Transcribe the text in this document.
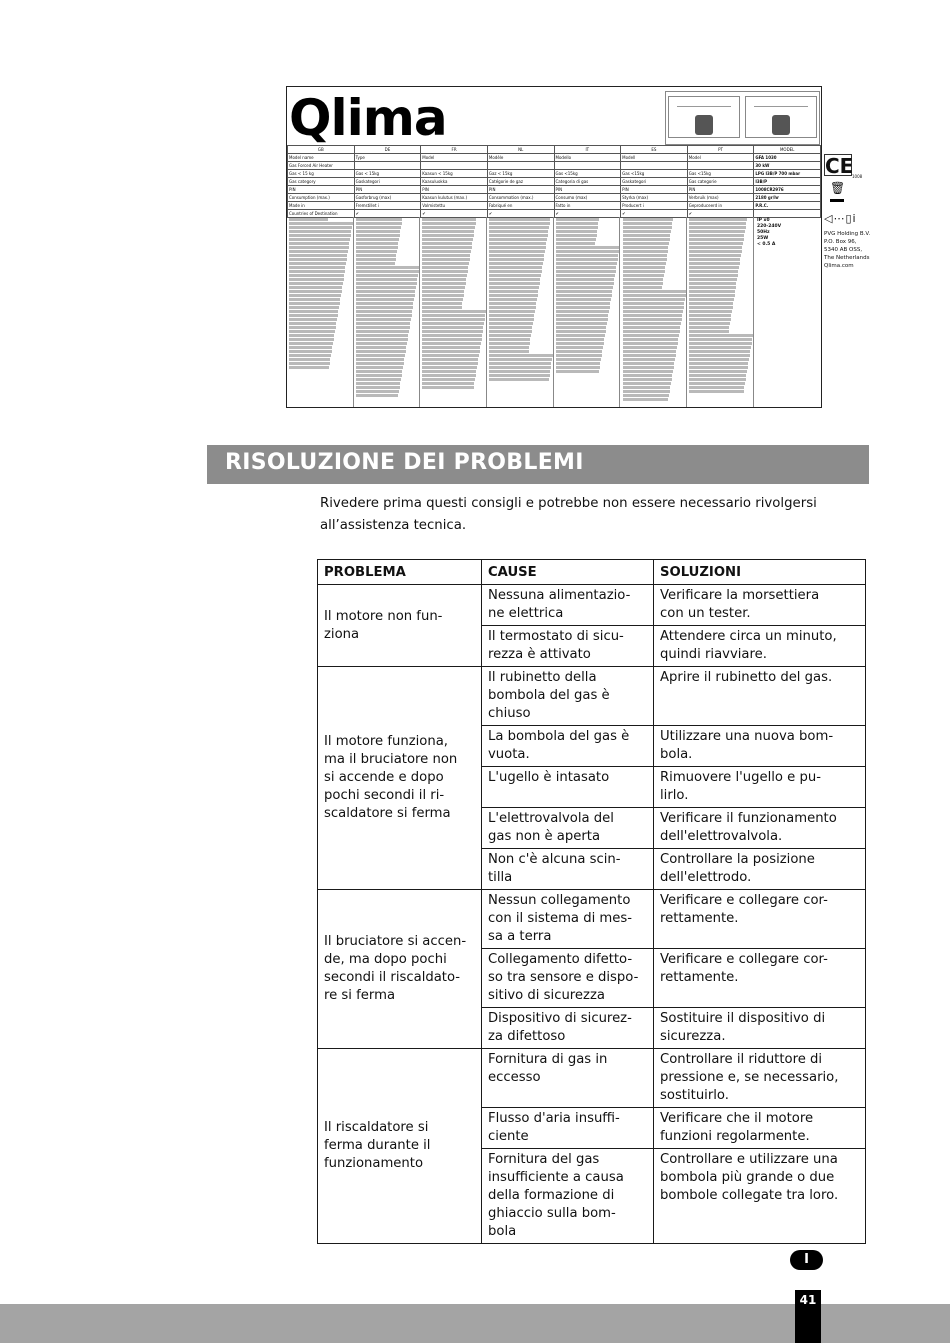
Qlima
GB	DE	FR	NL	IT	ES	PT	MODEL
Model name	Type	Model	Modèle	Modello	Modell	Model	GFA 1030
Gas Forced Air Heater							30 kW
Gas < 15 kg	Gas < 15kg	Kaasun < 15kg	Gaz < 15kg	Gas <15kg	Gas <15kg	Gas <15kg	LPG I3B/P 700 mbar
Gas category	Gaskategori	Kaasuluokka	Catégorie de gaz	Categoria di gas	Gaskategori	Gas categorie	I3B/P
PIN	PIN	PIN	PIN	PIN	PIN	PIN	1008CR2976
Consumption (max.)	Gasforbrug (max)	Kaasun kulutus (max.)	Consommation (max.)	Consumo (max)	Styrka (max)	Verbruik (max)	2180 gr/hr
Made in	Fremstillet i	Valmistettu	Fabriqué en	Fatto in	Producert i	Geproduceerd in	P.R.C.
Countries of Destination	✔	✔	✔	✔	✔	✔	
IP x0
220-240V
50Hz
25W
< 0.5 A
CE
1008
🗑
◁⋯▯i
PVG Holding B.V.
P.O. Box 96,
5340 AB OSS,
The Netherlands
Qlima.com
RISOLUZIONE DEI PROBLEMI
Rivedere prima questi consigli e potrebbe non essere necessario rivolgersi all’assistenza tecnica.
PROBLEMA	CAUSE	SOLUZIONI

Il motore non fun-
ziona	Nessuna alimentazio-
ne elettrica	Verificare la morsettiera
con un tester.

	Il termostato di sicu-
rezza è attivato	Attendere circa un minuto,
quindi riavviare.

Il motore funziona,
ma il bruciatore non
si accende e dopo
pochi secondi il ri-
scaldatore si ferma	Il rubinetto della
bombola del gas è
chiuso	Aprire il rubinetto del gas.

	La bombola del gas è
vuota.	Utilizzare una nuova bom-
bola.

	L'ugello è intasato	Rimuovere l'ugello e pu-
lirlo.

	L'elettrovalvola del
gas non è aperta	Verificare il funzionamento
dell'elettrovalvola.

	Non c'è alcuna scin-
tilla	Controllare la posizione
dell'elettrodo.

Il bruciatore si accen-
de, ma dopo pochi
secondi il riscaldato-
re si ferma	Nessun collegamento
con il sistema di mes-
sa a terra	Verificare e collegare cor-
rettamente.

	Collegamento difetto-
so tra sensore e dispo-
sitivo di sicurezza	Verificare e collegare cor-
rettamente.

	Dispositivo di sicurez-
za difettoso	Sostituire il dispositivo di
sicurezza.

Il riscaldatore si
ferma durante il
funzionamento	Fornitura di gas in
eccesso	Controllare il riduttore di
pressione e, se necessario,
sostituirlo.

	Flusso d'aria insuffi-
ciente	Verificare che il motore
funzioni regolarmente.

	Fornitura del gas
insufficiente a causa
della formazione di
ghiaccio sulla bom-
bola	Controllare e utilizzare una
bombola più grande o due
bombole collegate tra loro.
I
41
